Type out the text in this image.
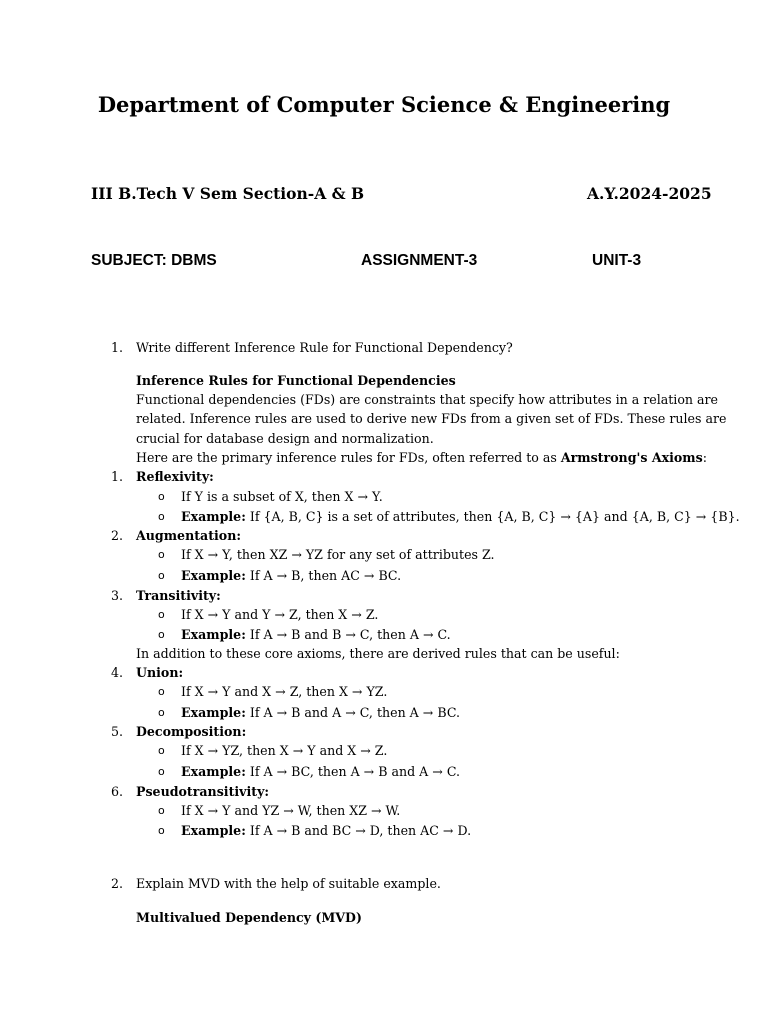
Department of Computer Science & Engineering
III B.Tech V Sem Section-A & B	A.Y.2024-2025
SUBJECT: DBMS	ASSIGNMENT-3	UNIT-3
1. Write different Inference Rule for Functional Dependency?
Inference Rules for Functional Dependencies
Functional dependencies (FDs) are constraints that specify how attributes in a relation are
related. Inference rules are used to derive new FDs from a given set of FDs. These rules are
crucial for database design and normalization.
Here are the primary inference rules for FDs, often referred to as Armstrong's Axioms:
1. Reflexivity:
o If Y is a subset of X, then X → Y.
o Example: If {A, B, C} is a set of attributes, then {A, B, C} → {A} and {A, B, C} → {B}.
2. Augmentation:
o If X → Y, then XZ → YZ for any set of attributes Z.
o Example: If A → B, then AC → BC.
3. Transitivity:
o If X → Y and Y → Z, then X → Z.
o Example: If A → B and B → C, then A → C.
In addition to these core axioms, there are derived rules that can be useful:
4. Union:
o If X → Y and X → Z, then X → YZ.
o Example: If A → B and A → C, then A → BC.
5. Decomposition:
o If X → YZ, then X → Y and X → Z.
o Example: If A → BC, then A → B and A → C.
6. Pseudotransitivity:
o If X → Y and YZ → W, then XZ → W.
o Example: If A → B and BC → D, then AC → D.
2. Explain MVD with the help of suitable example.
Multivalued Dependency (MVD)
